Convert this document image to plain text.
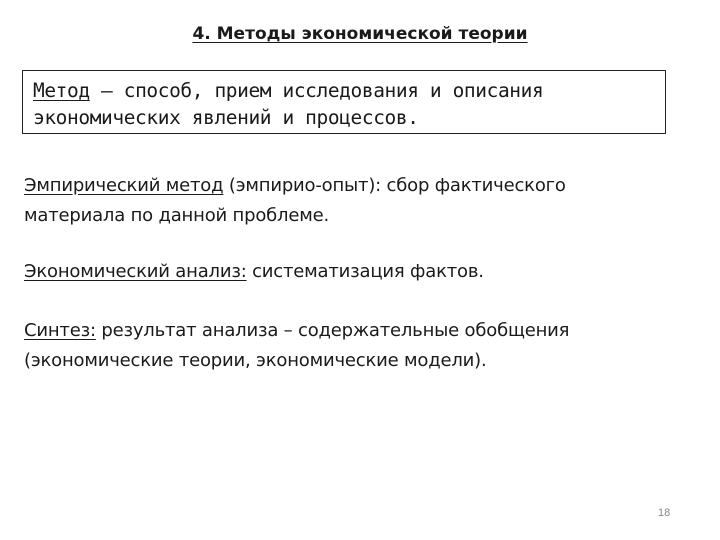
4. Методы экономической теории
Метод – способ, прием исследования и описания
экономических явлений и процессов.
Эмпирический метод (эмпирио-опыт): сбор фактического
материала по данной проблеме.
Экономический анализ: систематизация фактов.
Синтез: результат анализа – содержательные обобщения
(экономические теории, экономические модели).
18
